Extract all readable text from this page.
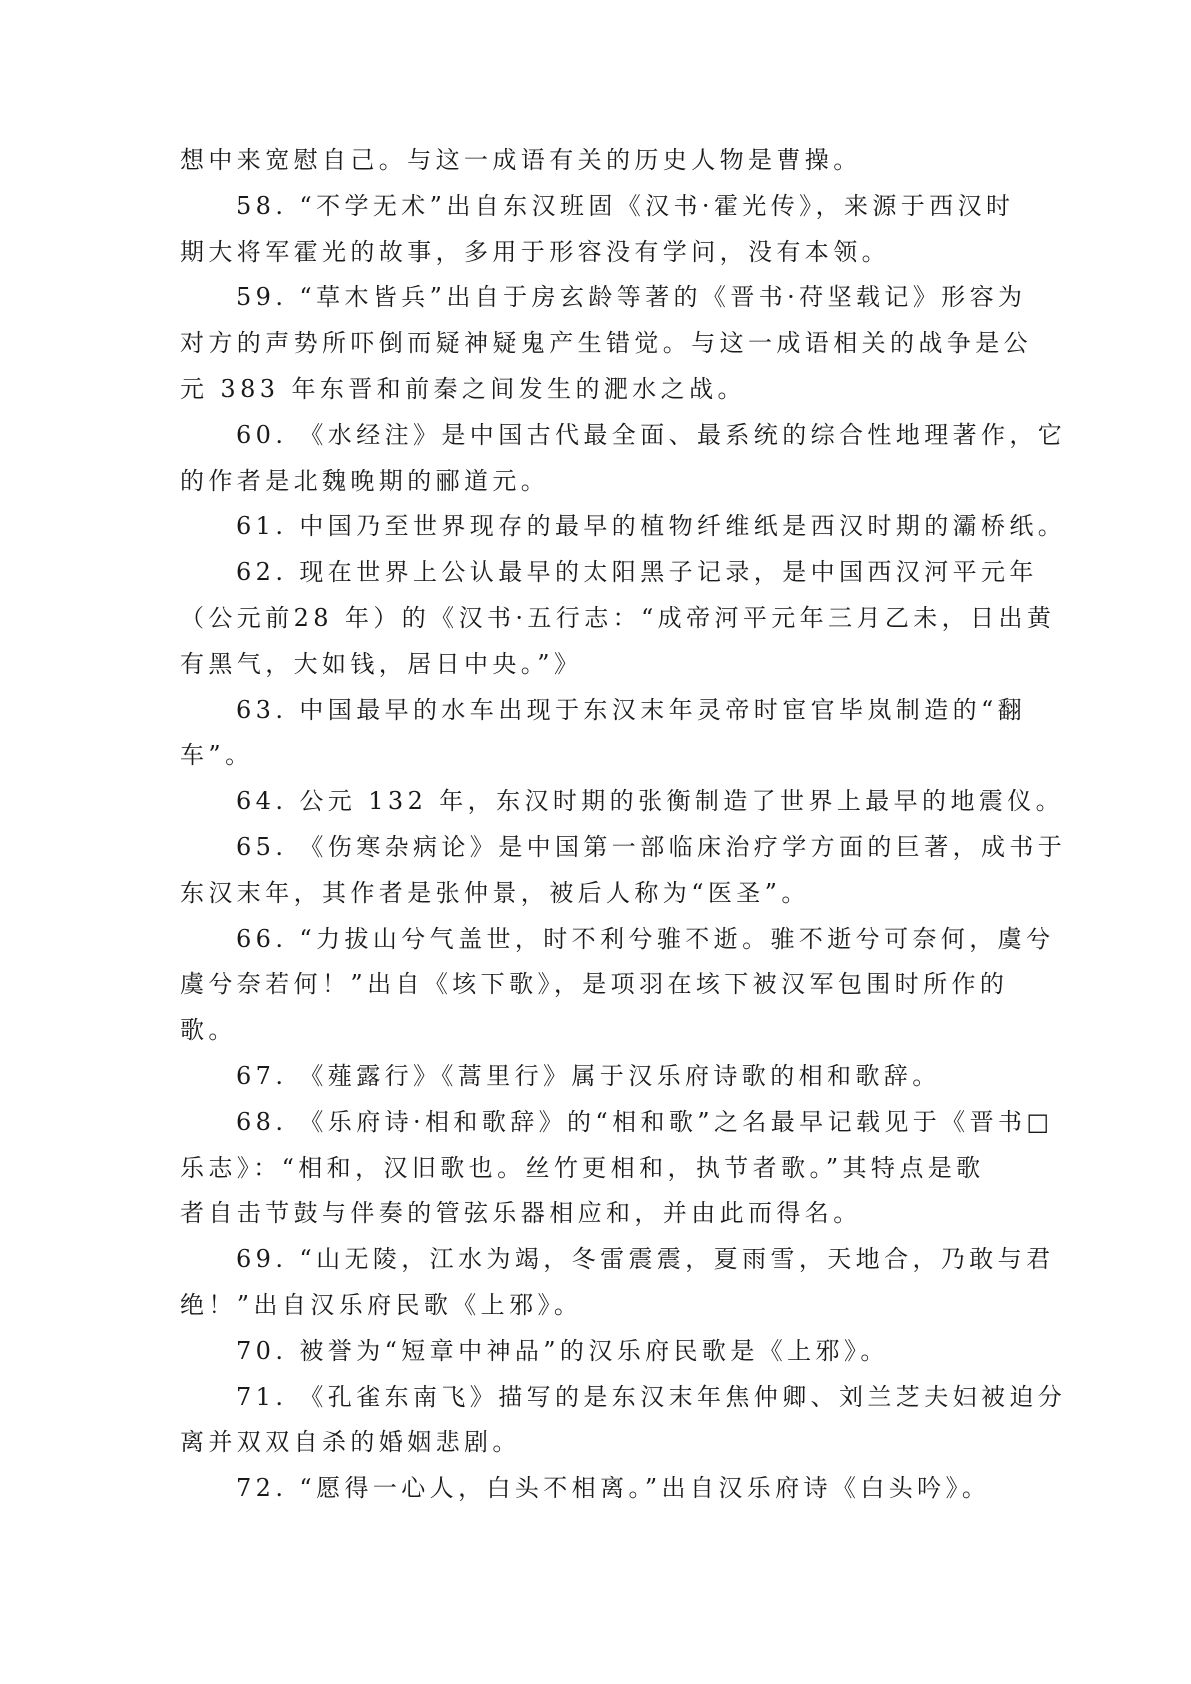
想中来宽慰自己。与这一成语有关的历史人物是曹操。

58. “不学无术”出自东汉班固《汉书·霍光传》，来源于西汉时

期大将军霍光的故事，多用于形容没有学问，没有本领。

59. “草木皆兵”出自于房玄龄等著的《晋书·苻坚载记》形容为

对方的声势所吓倒而疑神疑鬼产生错觉。与这一成语相关的战争是公

元 383 年东晋和前秦之间发生的淝水之战。

60. 《水经注》是中国古代最全面、最系统的综合性地理著作，它

的作者是北魏晚期的郦道元。

61. 中国乃至世界现存的最早的植物纤维纸是西汉时期的灞桥纸。

62. 现在世界上公认最早的太阳黑子记录，是中国西汉河平元年

（公元前28 年）的《汉书·五行志：“成帝河平元年三月乙未，日出黄

有黑气，大如钱，居日中央。”》

63. 中国最早的水车出现于东汉末年灵帝时宦官毕岚制造的“翻

车”。

64. 公元 132 年，东汉时期的张衡制造了世界上最早的地震仪。

65. 《伤寒杂病论》是中国第一部临床治疗学方面的巨著，成书于

东汉末年，其作者是张仲景，被后人称为“医圣”。

66. “力拔山兮气盖世，时不利兮骓不逝。骓不逝兮可奈何，虞兮

虞兮奈若何！”出自《垓下歌》，是项羽在垓下被汉军包围时所作的

歌。

67. 《薤露行》《蒿里行》属于汉乐府诗歌的相和歌辞。

68. 《乐府诗·相和歌辞》的“相和歌”之名最早记载见于《晋书□

乐志》：“相和，汉旧歌也。丝竹更相和，执节者歌。”其特点是歌

者自击节鼓与伴奏的管弦乐器相应和，并由此而得名。

69. “山无陵，江水为竭，冬雷震震，夏雨雪，天地合，乃敢与君

绝！”出自汉乐府民歌《上邪》。

70. 被誉为“短章中神品”的汉乐府民歌是《上邪》。

71. 《孔雀东南飞》描写的是东汉末年焦仲卿、刘兰芝夫妇被迫分

离并双双自杀的婚姻悲剧。

72. “愿得一心人，白头不相离。”出自汉乐府诗《白头吟》。
